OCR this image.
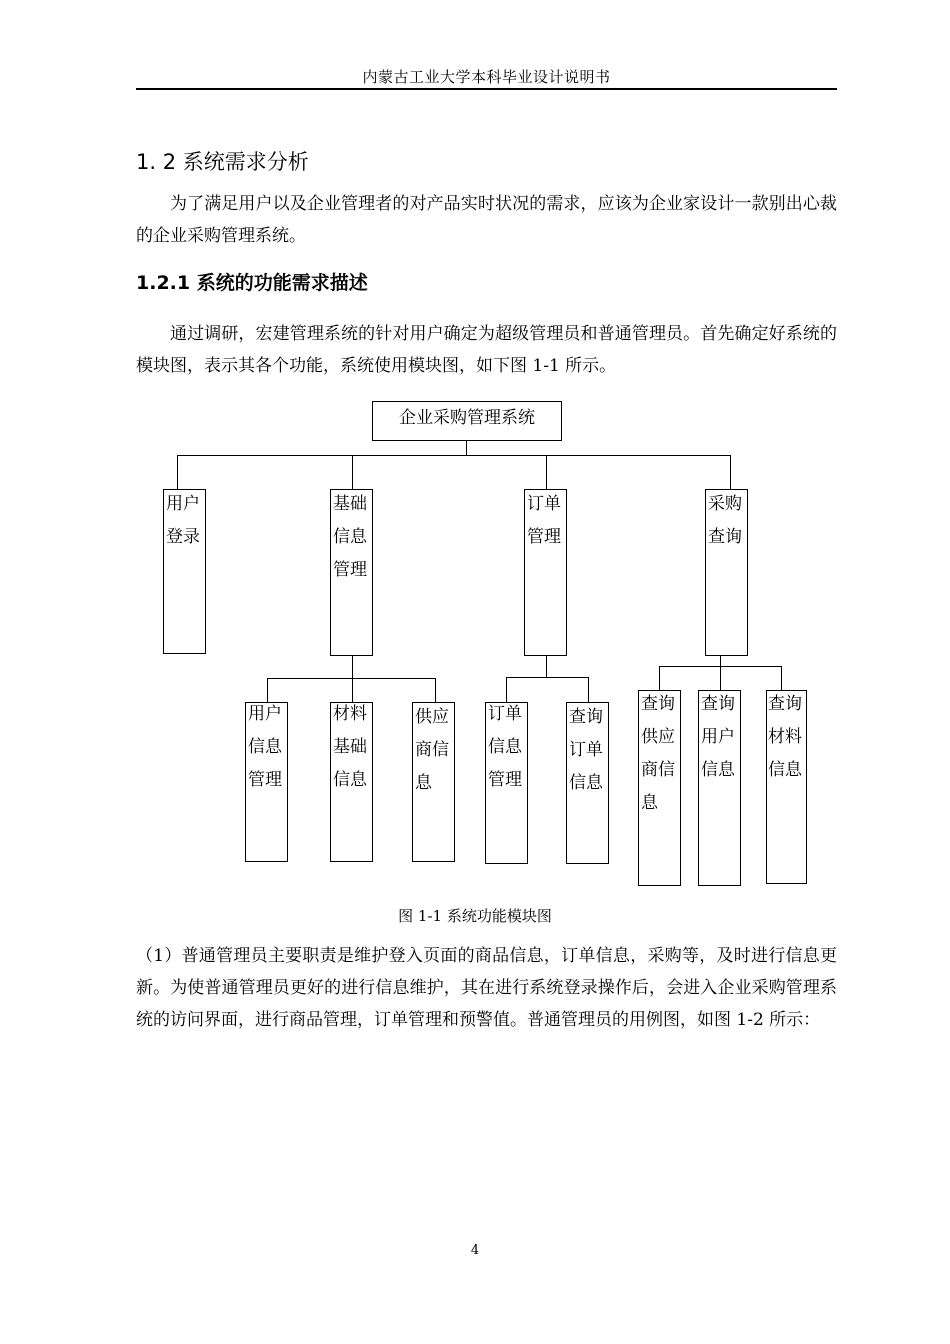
内蒙古工业大学本科毕业设计说明书
1. 2 系统需求分析

为了满足用户以及企业管理者的对产品实时状况的需求，应该为企业家设计一款别出心裁的企业采购管理系统。

1.2.1 系统的功能需求描述

通过调研，宏建管理系统的针对用户确定为超级管理员和普通管理员。首先确定好系统的模块图，表示其各个功能，系统使用模块图，如下图 1-1 所示。

企业采购管理系统
用户
登录
基础
信息
管理
订单
管理
采购
查询
用户
信息
管理
材料
基础
信息
供应
商信
息
订单
信息
管理
查询
订单
信息
查询
供应
商信
息
查询
用户
信息
查询
材料
信息
图 1-1 系统功能模块图

（1）普通管理员主要职责是维护登入页面的商品信息，订单信息，采购等，及时进行信息更新。为使普通管理员更好的进行信息维护，其在进行系统登录操作后，会进入企业采购管理系统的访问界面，进行商品管理，订单管理和预警值。普通管理员的用例图，如图 1-2 所示：

4
